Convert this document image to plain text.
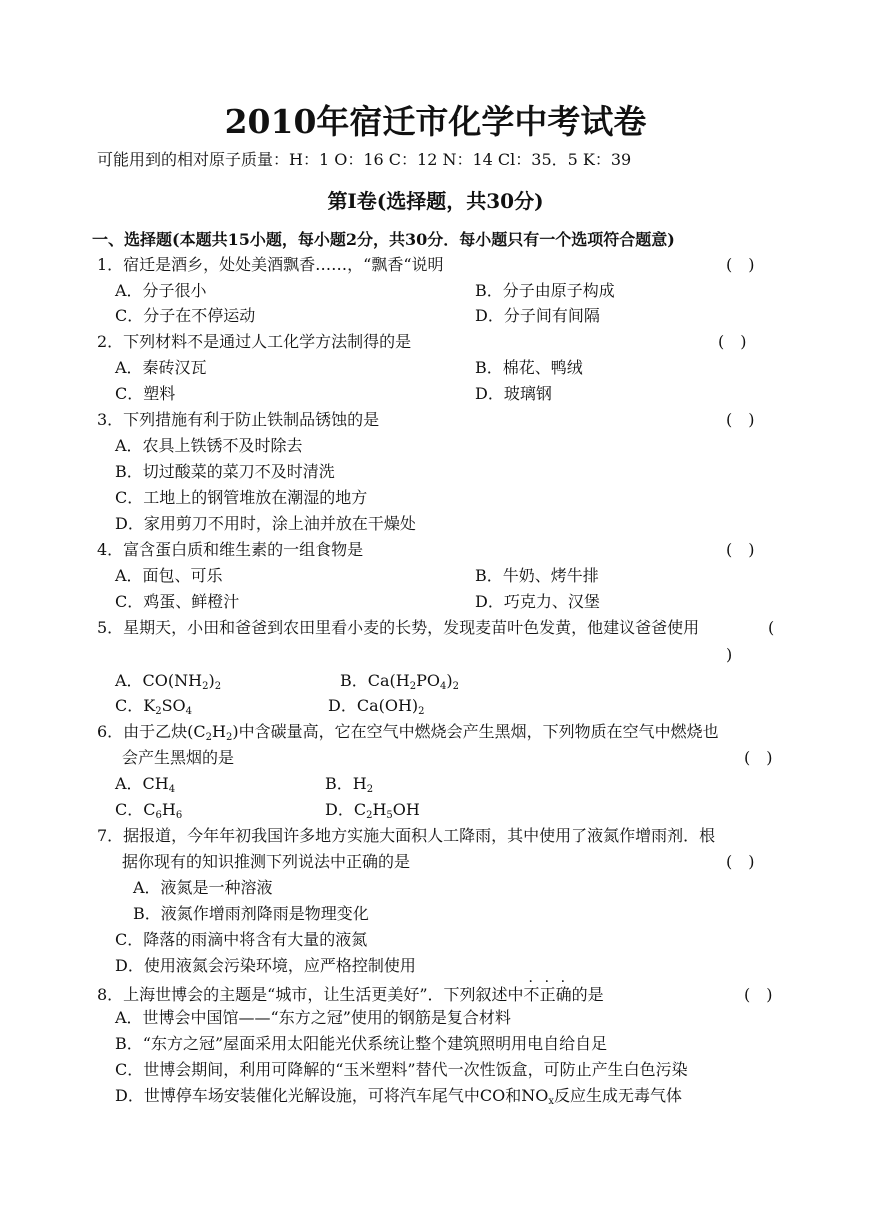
2010年宿迁市化学中考试卷
可能用到的相对原子质量：H：1 O：16 C：12 N：14 Cl：35．5 K：39
第Ⅰ卷(选择题，共30分)
一、选择题(本题共15小题，每小题2分，共30分．每小题只有一个选项符合题意)
1．宿迁是酒乡，处处美酒飘香……，“飘香“说明	(　)
A．分子很小	B．分子由原子构成
C．分子在不停运动	D．分子间有间隔
2．下列材料不是通过人工化学方法制得的是	(　)
A．秦砖汉瓦	B．棉花、鸭绒
C．塑料	D．玻璃钢
3．下列措施有利于防止铁制品锈蚀的是	(　)
A．农具上铁锈不及时除去
B．切过酸菜的菜刀不及时清洗
C．工地上的钢管堆放在潮湿的地方
D．家用剪刀不用时，涂上油并放在干燥处
4．富含蛋白质和维生素的一组食物是	(　)
A．面包、可乐	B．牛奶、烤牛排
C．鸡蛋、鲜橙汁	D．巧克力、汉堡
5．星期天，小田和爸爸到农田里看小麦的长势，发现麦苗叶色发黄，他建议爸爸使用	(
)
A．$CO(NH_2)_2$	B．$Ca(H_2PO_4)_2$
C．$K_2SO_4$	D．$Ca(OH)_2$
6．由于乙炔$(C_2H_2)$中含碳量高，它在空气中燃烧会产生黑烟，下列物质在空气中燃烧也
会产生黑烟的是	(　)
A．$CH_4$	B．$H_2$
C．$C_6H_6$	D．$C_2H_5OH$
7．据报道，今年年初我国许多地方实施大面积人工降雨，其中使用了液氮作增雨剂．根
据你现有的知识推测下列说法中正确的是	(　)
A．液氮是一种溶液
B．液氮作增雨剂降雨是物理变化
C．降落的雨滴中将含有大量的液氮
D．使用液氮会污染环境，应严格控制使用
8．上海世博会的主题是“城市，让生活更美好”．下列叙述中不正确的是	(　)
A．世博会中国馆——“东方之冠”使用的钢筋是复合材料
B．“东方之冠”屋面采用太阳能光伏系统让整个建筑照明用电自给自足
C．世博会期间，利用可降解的“玉米塑料”替代一次性饭盒，可防止产生白色污染
D．世博停车场安装催化光解设施，可将汽车尾气中CO和$NO_x$反应生成无毒气体
